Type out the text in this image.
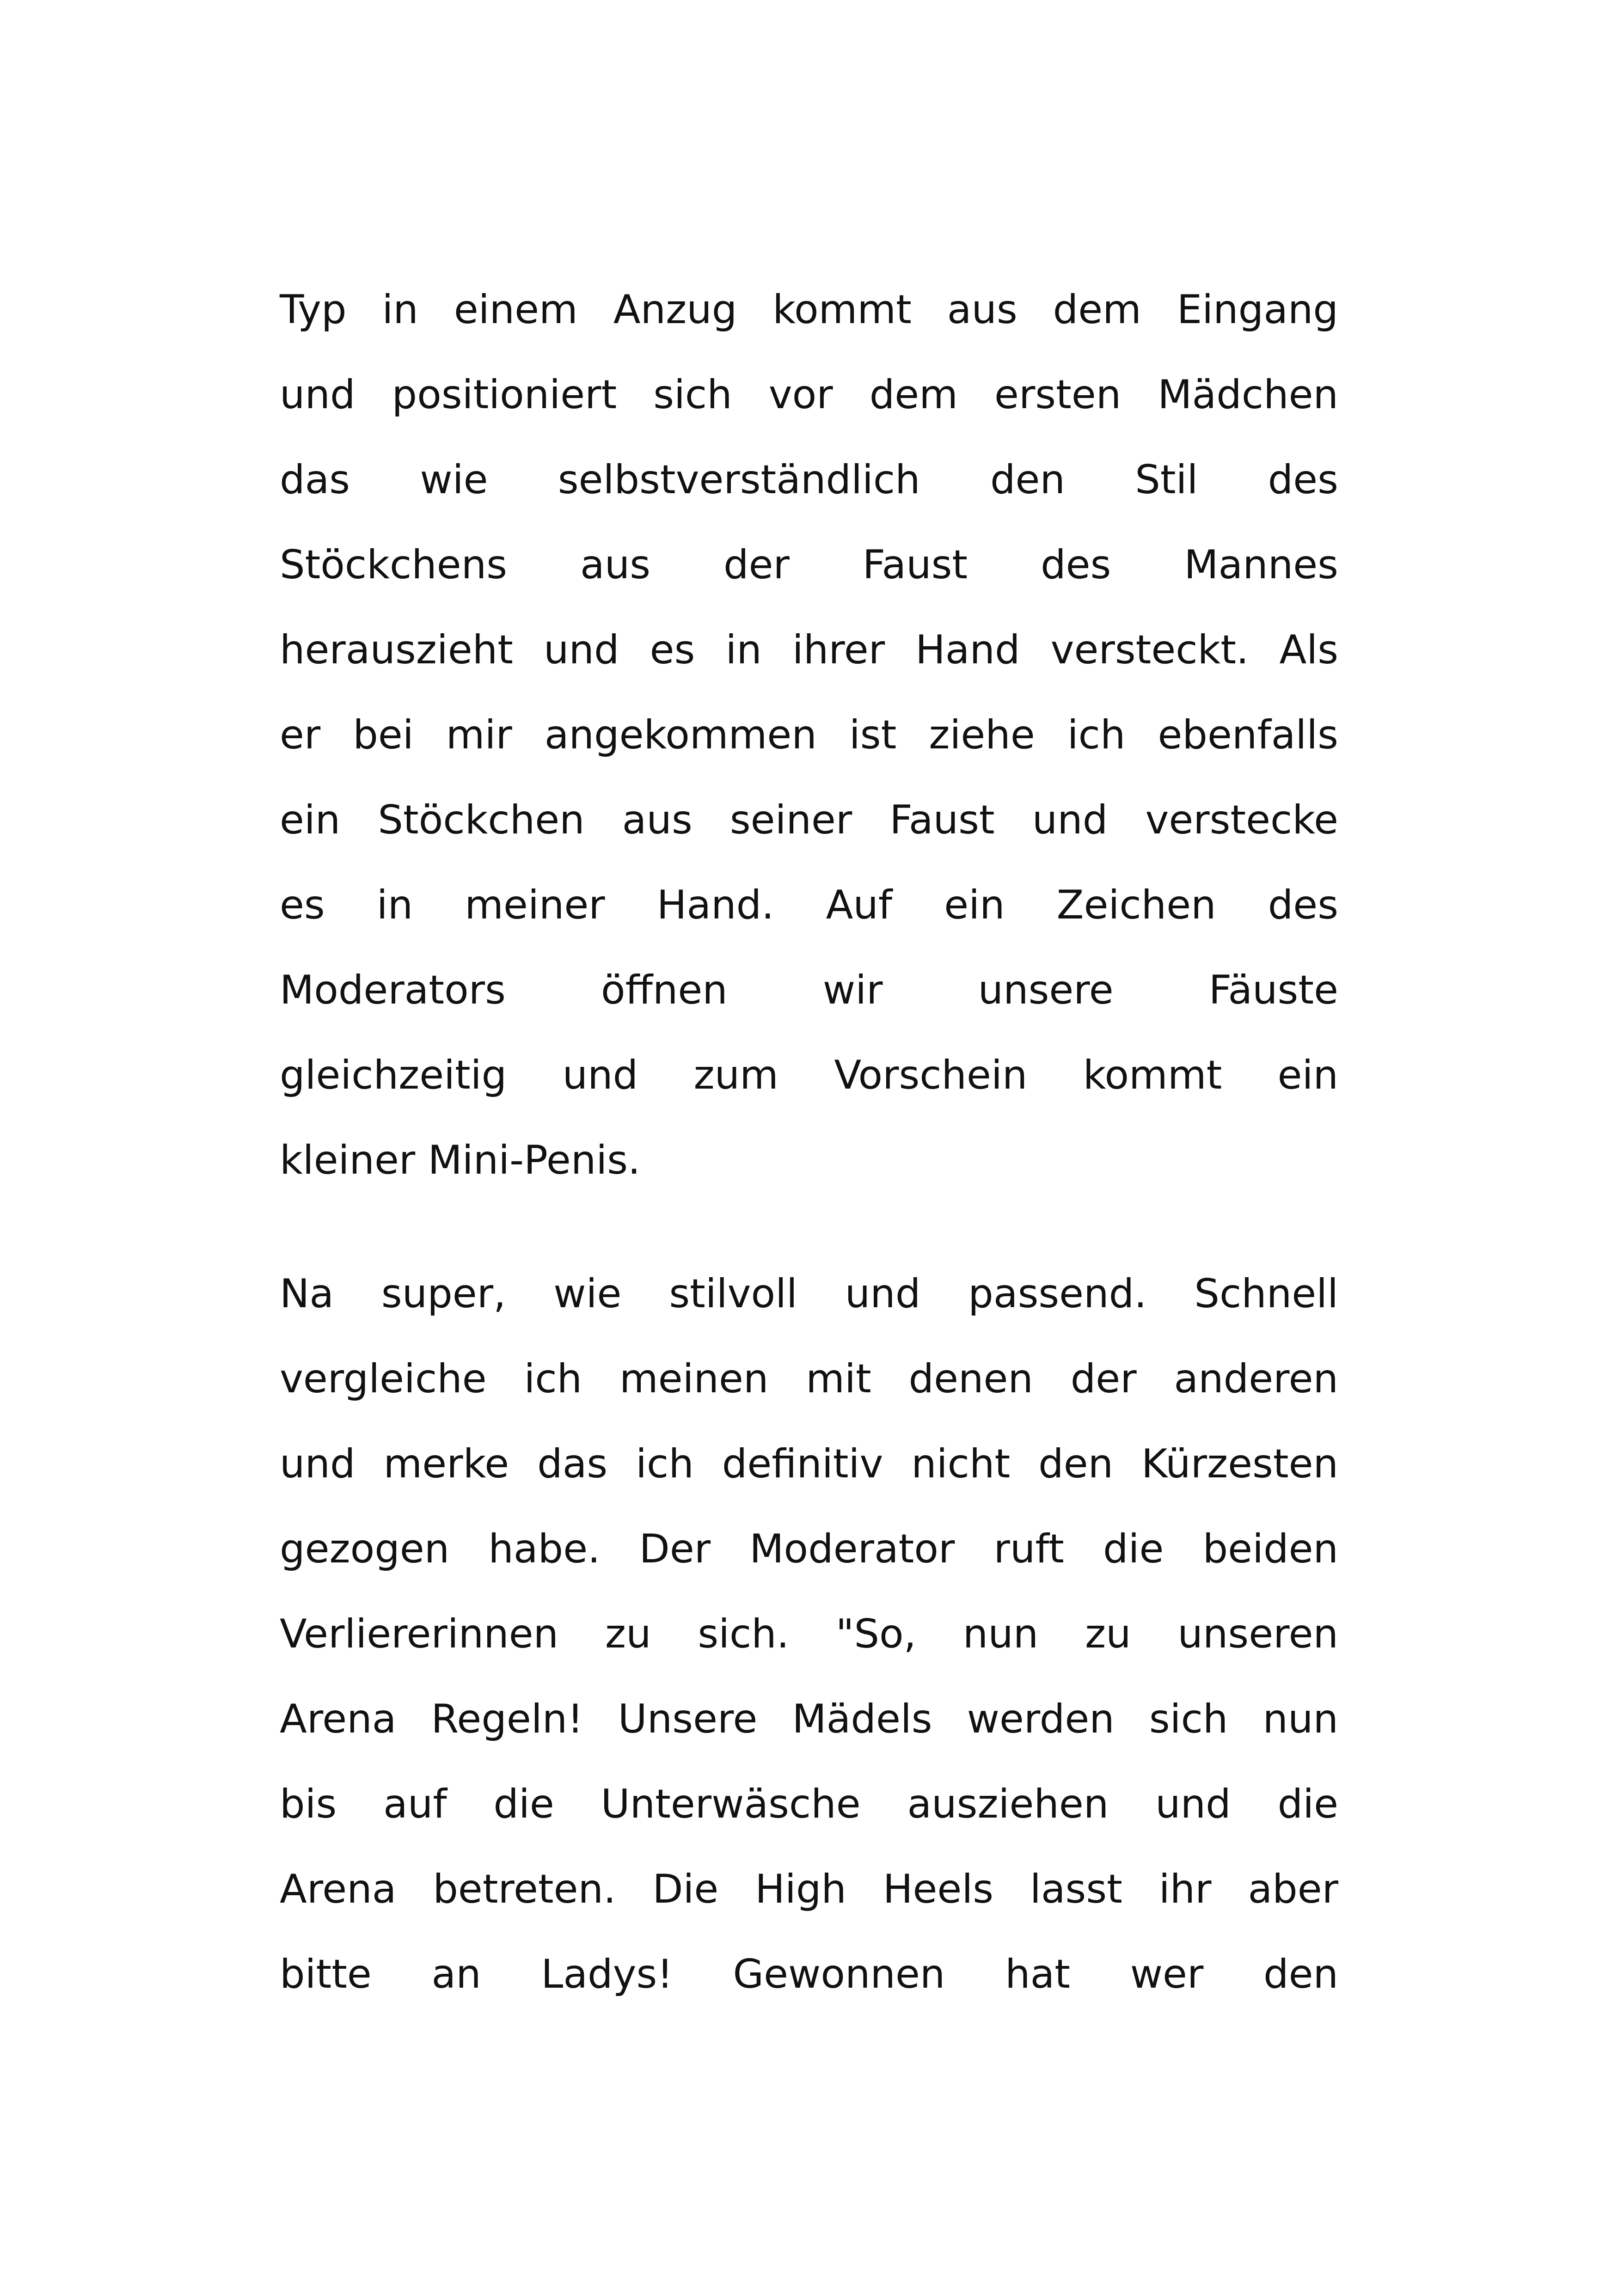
Typ in einem Anzug kommt aus dem Eingang
und positioniert sich vor dem ersten Mädchen
das wie selbstverständlich den Stil des
Stöckchens aus der Faust des Mannes
herauszieht und es in ihrer Hand versteckt. Als
er bei mir angekommen ist ziehe ich ebenfalls
ein Stöckchen aus seiner Faust und verstecke
es in meiner Hand. Auf ein Zeichen des
Moderators öffnen wir unsere Fäuste
gleichzeitig und zum Vorschein kommt ein
kleiner Mini-Penis.
Na super, wie stilvoll und passend. Schnell
vergleiche ich meinen mit denen der anderen
und merke das ich definitiv nicht den Kürzesten
gezogen habe. Der Moderator ruft die beiden
Verliererinnen zu sich. "So, nun zu unseren
Arena Regeln! Unsere Mädels werden sich nun
bis auf die Unterwäsche ausziehen und die
Arena betreten. Die High Heels lasst ihr aber
bitte an Ladys! Gewonnen hat wer den
